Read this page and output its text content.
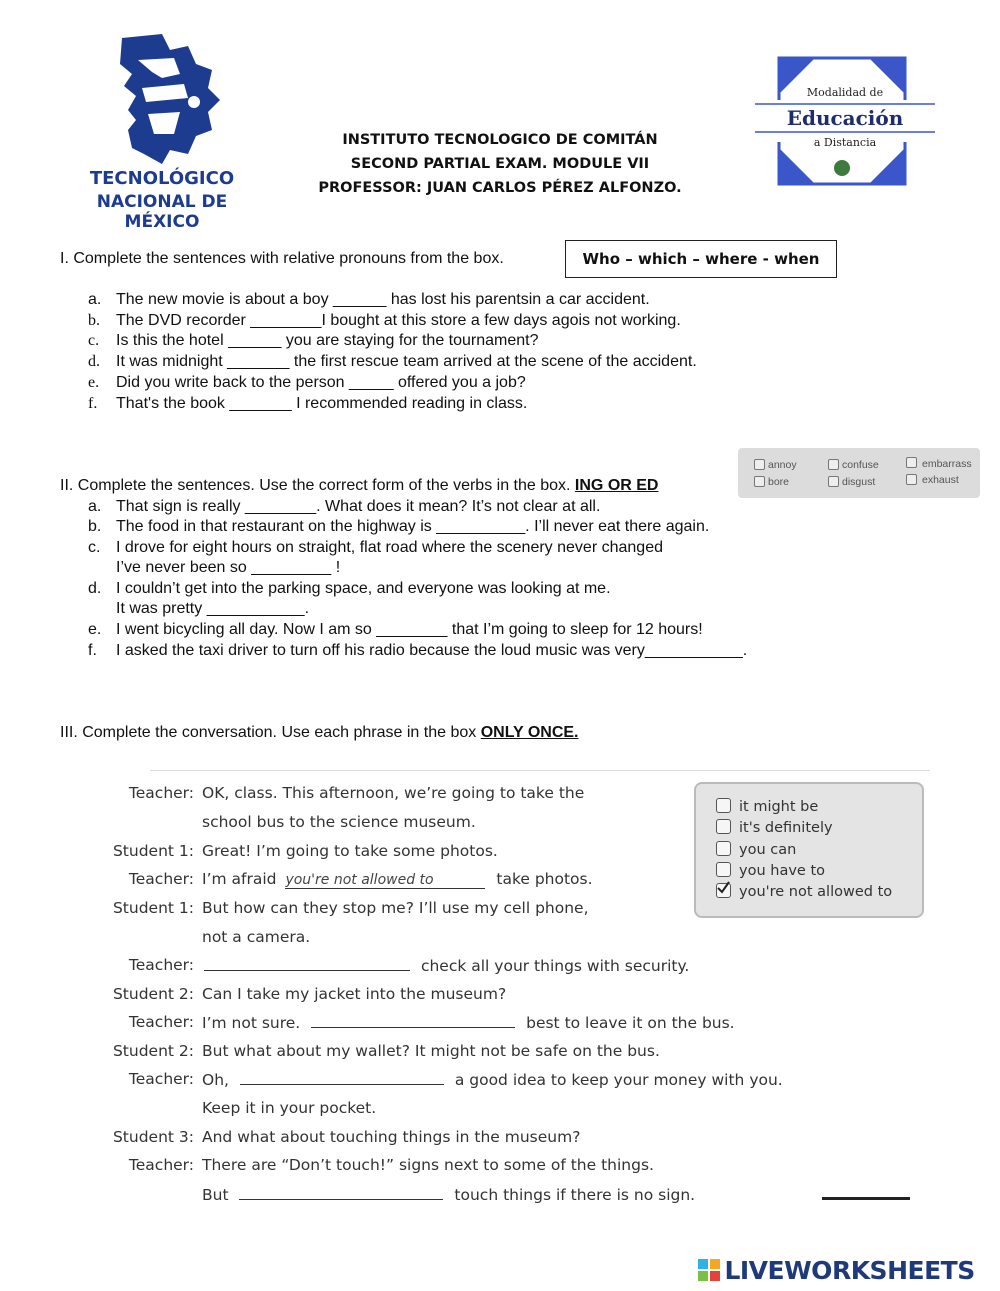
TECNOLÓGICO
NACIONAL DE MÉXICO
INSTITUTO TECNOLOGICO DE COMITÁN
SECOND PARTIAL EXAM. MODULE VII
PROFESSOR: JUAN CARLOS PÉREZ ALFONZO.
Modalidad de
Educación
a Distancia
I. Complete the sentences with relative pronouns from the box.	Who – which – where - when
a. The new movie is about a boy ______ has lost his parentsin a car accident.
b. The DVD recorder ________I bought at this store a few days agois not working.
c. Is this the hotel ______ you are staying for the tournament?
d. It was midnight _______ the first rescue team arrived at the scene of the accident.
e. Did you write back to the person _____ offered you a job?
f. That's the book _______ I recommended reading in class.
II. Complete the sentences. Use the correct form of the verbs in the box. ING OR ED
annoy	confuse	embarrass
bore	disgust	exhaust
a. That sign is really ________. What does it mean? It’s not clear at all.
b. The food in that restaurant on the highway is __________. I’ll never eat there again.
c. I drove for eight hours on straight, flat road where the scenery never changed
I’ve never been so _________ !
d. I couldn’t get into the parking space, and everyone was looking at me.
It was pretty ___________.
e. I went bicycling all day. Now I am so ________ that I’m going to sleep for 12 hours!
f. I asked the taxi driver to turn off his radio because the loud music was very___________.
III. Complete the conversation. Use each phrase in the box ONLY ONCE.
Teacher: OK, class. This afternoon, we’re going to take the
school bus to the science museum.
Student 1: Great! I’m going to take some photos.
Teacher: I’m afraid you're not allowed to	take photos.
Student 1: But how can they stop me? I’ll use my cell phone,
not a camera.
Teacher:	check all your things with security.
Student 2: Can I take my jacket into the museum?
Teacher: I’m not sure.	best to leave it on the bus.
Student 2: But what about my wallet? It might not be safe on the bus.
Teacher: Oh,	a good idea to keep your money with you.
Keep it in your pocket.
Student 3: And what about touching things in the museum?
Teacher: There are “Don’t touch!” signs next to some of the things.
But	touch things if there is no sign.
it might be
it's definitely
you can
you have to
you're not allowed to
LIVEWORKSHEETS
